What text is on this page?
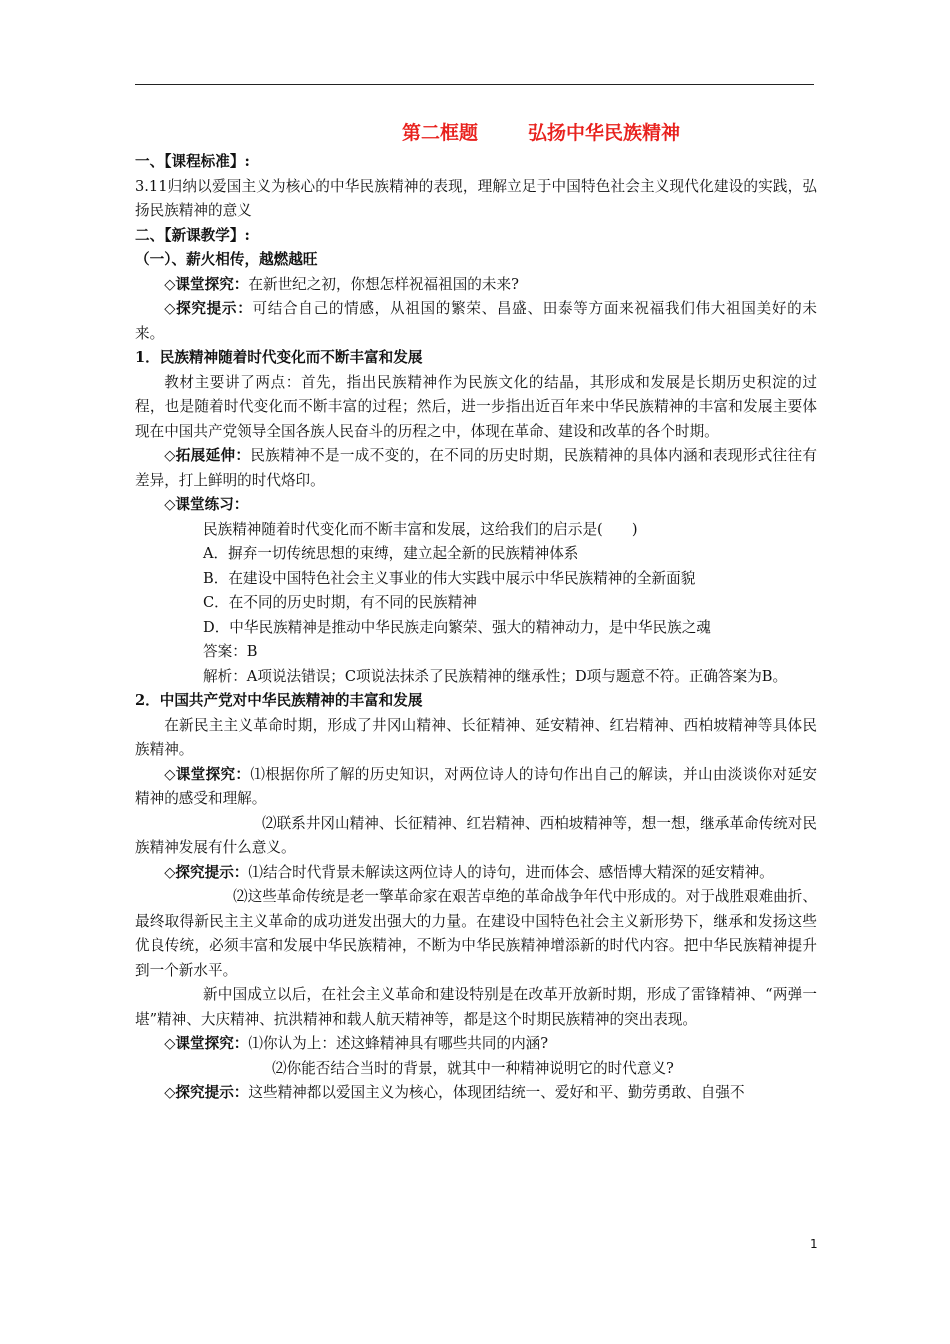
第二框题	弘扬中华民族精神

一、【课程标准】:

3.11归纳以爱国主义为核心的中华民族精神的表现，理解立足于中国特色社会主义现代化建设的实践，弘扬民族精神的意义

二、【新课教学】:

（一）、薪火相传，越燃越旺

◇课堂探究：在新世纪之初，你想怎样祝福祖国的未来?

◇探究提示：可结合自己的情感，从祖国的繁荣、昌盛、田泰等方面来祝福我们伟大祖国美好的未来。

1．民族精神随着时代变化而不断丰富和发展

教材主要讲了两点：首先，指出民族精神作为民族文化的结晶，其形成和发展是长期历史积淀的过程，也是随着时代变化而不断丰富的过程；然后，进一步指出近百年来中华民族精神的丰富和发展主要体现在中国共产党领导全国各族人民奋斗的历程之中，体现在革命、建设和改革的各个时期。

◇拓展延伸：民族精神不是一成不变的，在不同的历史时期，民族精神的具体内涵和表现形式往往有差异，打上鲜明的时代烙印。

◇课堂练习：

民族精神随着时代变化而不断丰富和发展，这给我们的启示是(　　)

A．摒弃一切传统思想的束缚，建立起全新的民族精神体系

B．在建设中国特色社会主义事业的伟大实践中展示中华民族精神的全新面貌

C．在不同的历史时期，有不同的民族精神

D．中华民族精神是推动中华民族走向繁荣、强大的精神动力，是中华民族之魂

答案：B

解析：A项说法错误；C项说法抹杀了民族精神的继承性；D项与题意不符。正确答案为B。

2．中国共产党对中华民族精神的丰富和发展

在新民主主义革命时期，形成了井冈山精神、长征精神、延安精神、红岩精神、西柏坡精神等具体民族精神。

◇课堂探究：⑴根据你所了解的历史知识，对两位诗人的诗句作出自己的解读，并山由淡谈你对延安精神的感受和理解。

⑵联系井冈山精神、长征精神、红岩精神、西柏坡精神等，想一想，继承革命传统对民族精神发展有什么意义。

◇探究提示：⑴结合时代背景未解读这两位诗人的诗句，进而体会、感悟博大精深的延安精神。

⑵这些革命传统是老一擎革命家在艰苦卓绝的革命战争年代中形成的。对于战胜艰难曲折、最终取得新民主主义革命的成功迸发出强大的力量。在建设中国特色社会主义新形势下，继承和发扬这些优良传统，必须丰富和发展中华民族精神，不断为中华民族精神增添新的时代内容。把中华民族精神提升到一个新水平。

新中国成立以后，在社会主义革命和建设特别是在改革开放新时期，形成了雷锋精神、“两弹一堪”精神、大庆精神、抗洪精神和载人航天精神等，都是这个时期民族精神的突出表现。

◇课堂探究：⑴你认为上：述这蜂精神具有哪些共同的内涵?

⑵你能否结合当时的背景，就其中一种精神说明它的时代意义?

◇探究提示：这些精神都以爱国主义为核心，体现团结统一、爱好和平、勤劳勇敢、自强不

1
